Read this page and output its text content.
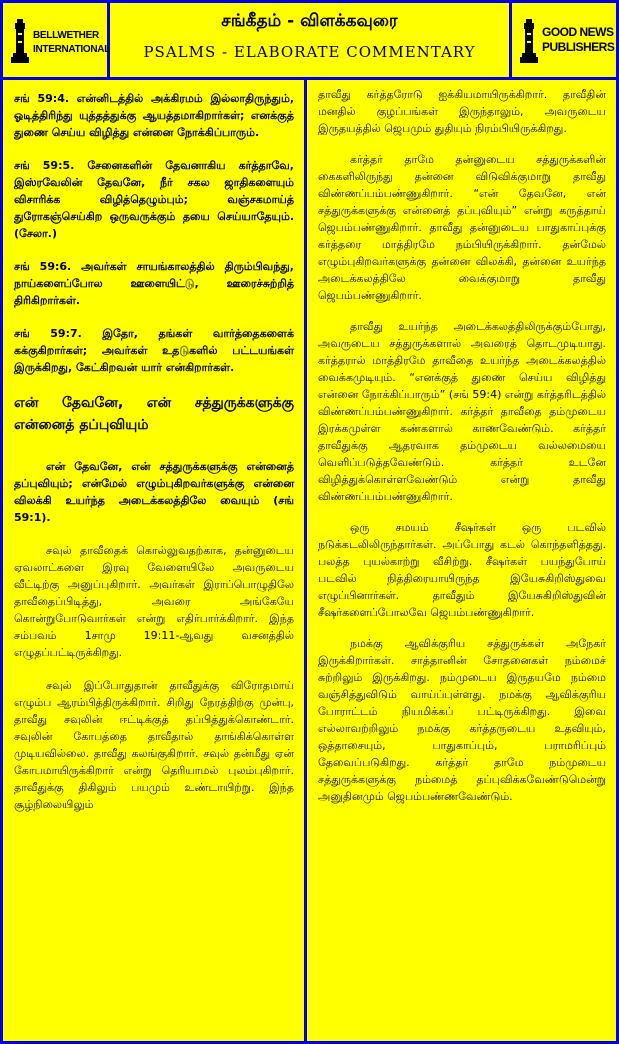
BELLWETHER
INTERNATIONAL
சங்கீதம் - விளக்கவுரை
PSALMS - ELABORATE COMMENTARY
GOOD NEWS
PUBLISHERS

சங் 59:4. என்னிடத்தில் அக்கிரமம் இல்லாதிருந்தும், ஓடித்திரிந்து யுத்தத்துக்கு ஆயத்தமாகிறார்கள்; எனக்குத் துணை செய்ய விழித்து என்னை நோக்கிப்பாரும்.

சங் 59:5. சேனைகளின் தேவனாகிய கர்த்தாவே, இஸ்ரவேலின் தேவனே, நீர் சகல ஜாதிகளையும் விசாரிக்க விழித்தெழும்பும்; வஞ்சகமாய்த் துரோகஞ்செய்கிற ஒருவருக்கும் தயை செய்யாதேயும். (சேலா.)

சங் 59:6. அவர்கள் சாயங்காலத்தில் திரும்பிவந்து, நாய்களைப்போல ஊளையிட்டு, ஊரைச்சுற்றித் திரிகிறார்கள்.

சங் 59:7. இதோ, தங்கள் வார்த்தைகளைக் கக்குகிறார்கள்; அவர்கள் உதடுகளில் பட்டயங்கள் இருக்கிறது, கேட்கிறவன் யார் என்கிறார்கள்.

என் தேவனே, என் சத்துருக்களுக்கு என்னைத் தப்புவியும்

என் தேவனே, என் சத்துருக்களுக்கு என்னைத் தப்புவியும்; என்மேல் எழும்புகிறவர்களுக்கு என்னை விலக்கி உயர்ந்த அடைக்கலத்திலே வையும் (சங் 59:1).

சவுல் தாவீதைக் கொல்லுவதற்காக, தன்னுடைய ஏவலாட்களை இரவு வேளையிலே அவருடைய வீட்டிற்கு அனுப்புகிறார். அவர்கள் இராப்பொழுதிலே தாவீதைப்பிடித்து, அவரை அங்கேயே கொன்றுபோடுவார்கள் என்று எதிர்பார்க்கிறார். இந்த சம்பவம் 1சாமு 19:11-ஆவது வசனத்தில் எழுதப்பட்டிருக்கிறது.

சவுல் இப்போதுதான் தாவீதுக்கு விரோதமாய் எழும்ப ஆரம்பித்திருக்கிறார். சிறிது நேரத்திற்கு முன்பு, தாவீது சவுலின் ஈட்டிக்குத் தப்பித்துக்கொண்டார். சவுலின் கோபத்தை தாவீதால் தாங்கிக்கொள்ள முடியவில்லை. தாவீது கலங்குகிறார். சவுல் தன்மீது ஏன் கோபமாயிருக்கிறார் என்று தெரியாமல் புலம்புகிறார். தாவீதுக்கு திகிலும் பயமும் உண்டாயிற்று. இந்த சூழ்நிலையிலும்

தாவீது கர்த்தரோடு ஐக்கியமாயிருக்கிறார். தாவீதின் மனதில் குழப்பங்கள் இருந்தாலும், அவருடைய இருதயத்தில் ஜெபமும் துதியும் நிரம்பியிருக்கிறது.

கர்த்தர் தாமே தன்னுடைய சத்துருக்களின் கைகளிலிருந்து தன்னை விடுவிக்குமாறு தாவீது விண்ணப்பம்பண்ணுகிறார். “என் தேவனே, என் சத்துருக்களுக்கு என்னைத் தப்புவியும்” என்று கருத்தாய் ஜெபம்பண்ணுகிறார். தாவீது தன்னுடைய பாதுகாப்புக்கு கர்த்தரை மாத்திரமே நம்பியிருக்கிறார். தன்மேல் எழும்புகிறவர்களுக்கு தன்னை விலக்கி, தன்னை உயர்ந்த அடைக்கலத்திலே வைக்குமாறு தாவீது ஜெபம்பண்ணுகிறார்.

தாவீது உயர்ந்த அடைக்கலத்திலிருக்கும்போது, அவருடைய சத்துருக்களால் அவரைத் தொடமுடியாது. கர்த்தரால் மாத்திரமே தாவீதை உயர்ந்த அடைக்கலத்தில் வைக்கமுடியும். “எனக்குத் துணை செய்ய விழித்து என்னை நோக்கிப்பாரும்” (சங் 59:4) என்று கர்த்தரிடத்தில் விண்ணப்பம்பண்ணுகிறார். கர்த்தர் தாவீதை தம்முடைய இரக்கமுள்ள கண்களால் காணவேண்டும். கர்த்தர் தாவீதுக்கு ஆதரவாக தம்முடைய வல்லமையை வெளிப்படுத்தவேண்டும். கர்த்தர் உடனே விழித்துக்கொள்ளவேண்டும் என்று தாவீது விண்ணப்பம்பண்ணுகிறார்.

ஒரு சமயம் சீஷர்கள் ஒரு படவில் நடுக்கடலிலிருந்தார்கள். அப்போது கடல் கொந்தளித்தது. பலத்த புயல்காற்று வீசிற்று. சீஷர்கள் பயந்துபோய் படவில் நித்திரையாயிருந்த இயேசுகிறிஸ்துவை எழுப்பினார்கள். தாவீதும் இயேசுகிறிஸ்துவின் சீஷர்களைப்போலவே ஜெபம்பண்ணுகிறார்.

நமக்கு ஆவிக்குரிய சத்துருக்கள் அநேகர் இருக்கிறார்கள். சாத்தானின் சோதனைகள் நம்மைச் சுற்றிலும் இருக்கிறது. நம்முடைய இருதயமே நம்மை வஞ்சித்துவிடும் வாய்ப்புள்ளது. நமக்கு ஆவிக்குரிய போராட்டம் நியமிக்கப் பட்டிருக்கிறது. இவை எல்லாவற்றிலும் நமக்கு கர்த்தருடைய உதவியும், ஒத்தாசையும், பாதுகாப்பும், பராமரிப்பும் தேவைப்படுகிறது. கர்த்தர் தாமே நம்முடைய சத்துருக்களுக்கு நம்மைத் தப்புவிக்கவேண்டுமென்று அனுதினமும் ஜெபம்பண்ணவேண்டும்.
